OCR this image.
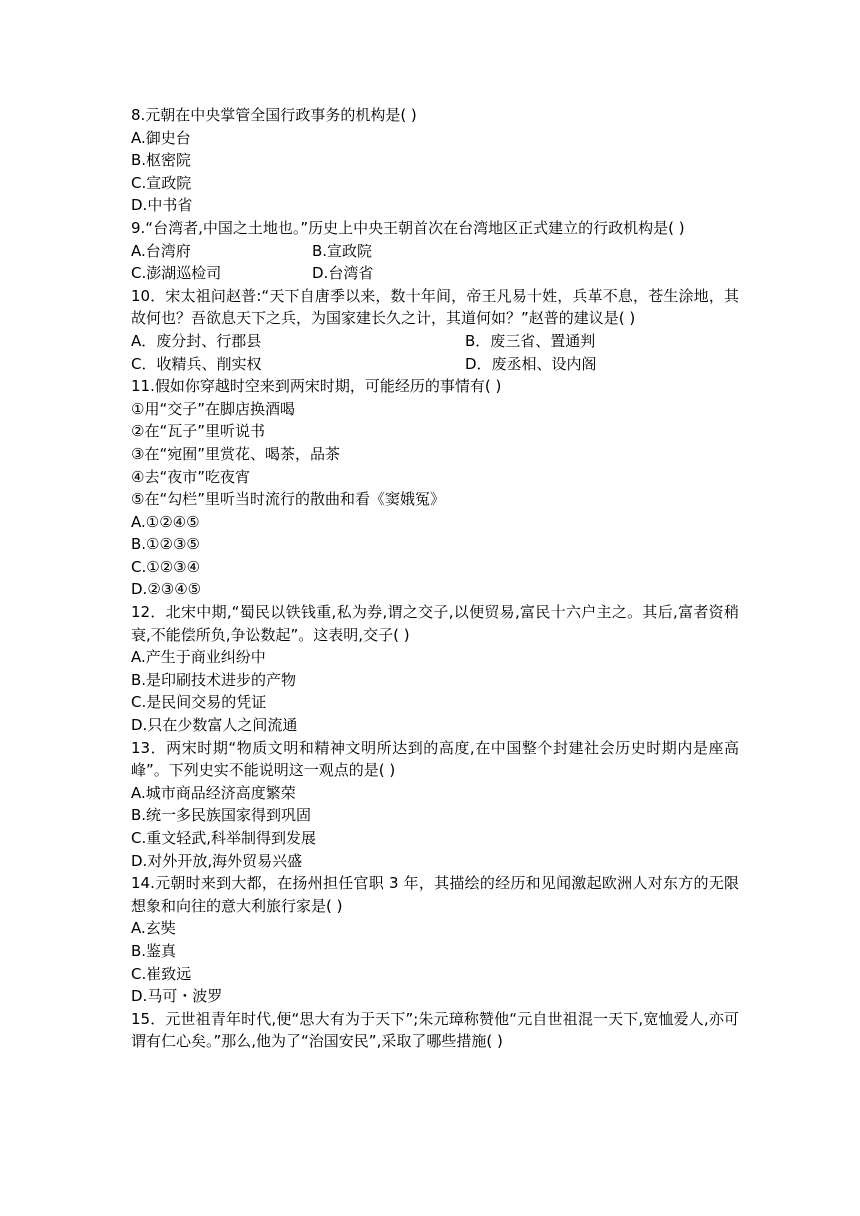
8.元朝在中央掌管全国行政事务的机构是( )
A.御史台
B.枢密院
C.宣政院
D.中书省
9.“台湾者,中国之土地也。”历史上中央王朝首次在台湾地区正式建立的行政机构是( )
A.台湾府	B.宣政院
C.澎湖巡检司	D.台湾省
10．宋太祖问赵普:“天下自唐季以来，数十年间，帝王凡易十姓，兵革不息，苍生涂地，其故何也？吾欲息天下之兵，为国家建长久之计，其道何如？”赵普的建议是( )
A．废分封、行郡县	B．废三省、置通判
C．收精兵、削实权	D．废丞相、设内阁
11.假如你穿越时空来到两宋时期，可能经历的事情有( )
①用“交子”在脚店换酒喝
②在“瓦子”里听说书
③在“宛囿”里赏花、喝茶，品茶
④去“夜市”吃夜宵
⑤在“勾栏”里听当时流行的散曲和看《窦娥冤》
A.①②④⑤
B.①②③⑤
C.①②③④
D.②③④⑤
12．北宋中期,“蜀民以铁钱重,私为券,谓之交子,以便贸易,富民十六户主之。其后,富者资稍衰,不能偿所负,争讼数起”。这表明,交子( )
A.产生于商业纠纷中
B.是印刷技术进步的产物
C.是民间交易的凭证
D.只在少数富人之间流通
13．两宋时期“物质文明和精神文明所达到的高度,在中国整个封建社会历史时期内是座高峰”。下列史实不能说明这一观点的是( )
A.城市商品经济高度繁荣
B.统一多民族国家得到巩固
C.重文轻武,科举制得到发展
D.对外开放,海外贸易兴盛
14.元朝时来到大都，在扬州担任官职 3 年，其描绘的经历和见闻激起欧洲人对东方的无限想象和向往的意大利旅行家是( )
A.玄奘
B.鉴真
C.崔致远
D.马可・波罗
15．元世祖青年时代,便“思大有为于天下”;朱元璋称赞他“元自世祖混一天下,宽恤爱人,亦可谓有仁心矣。”那么,他为了“治国安民”,采取了哪些措施( )
